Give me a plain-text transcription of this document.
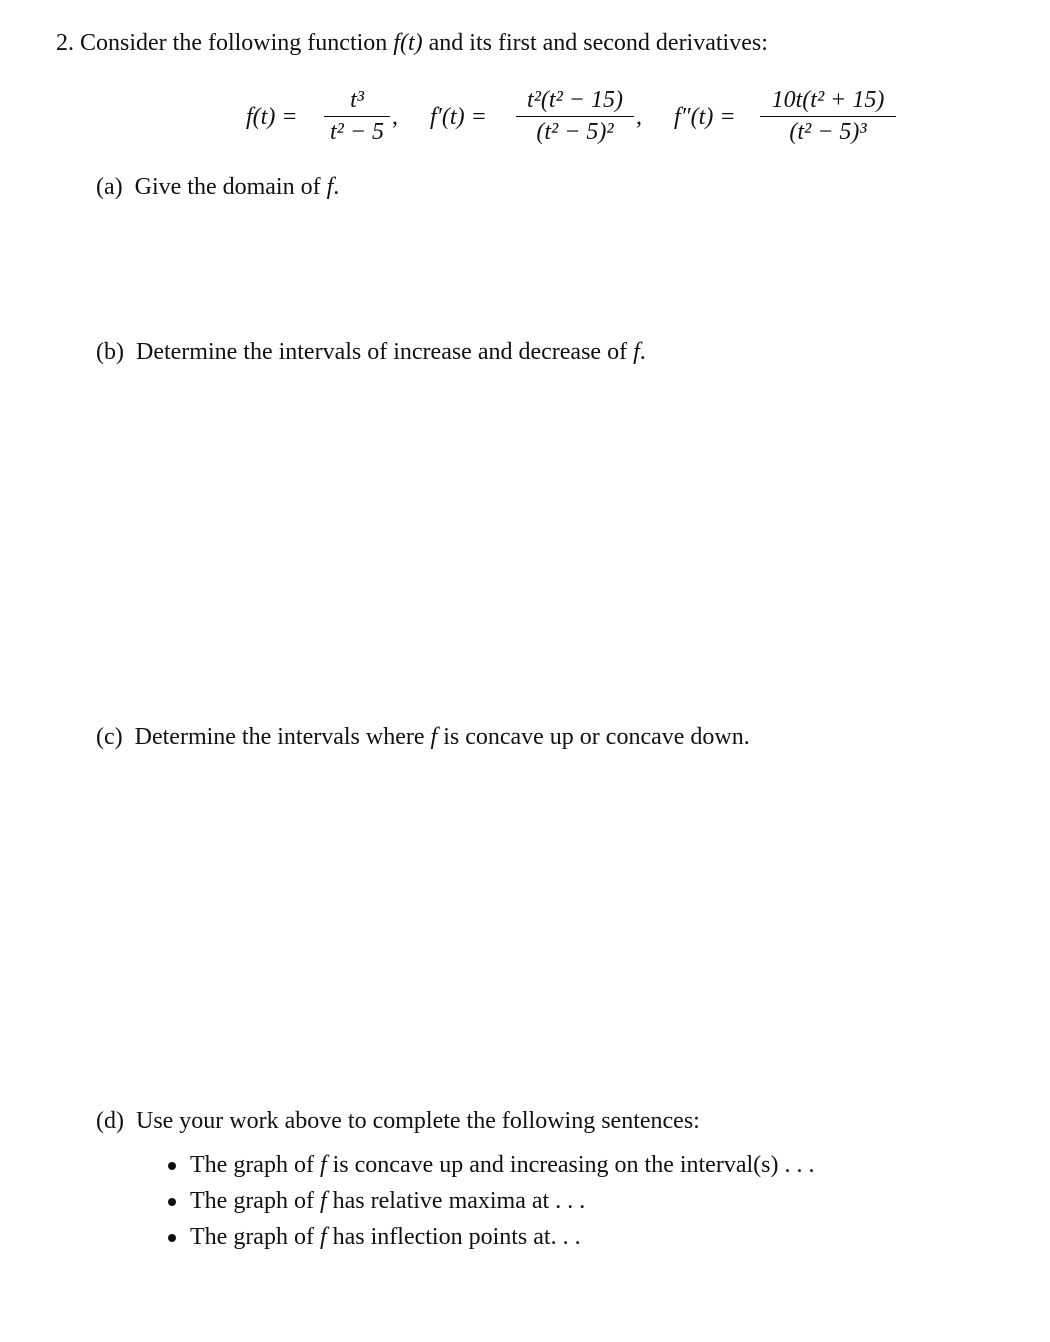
2. Consider the following function f(t) and its first and second derivatives:
f(t) =
t³
t² − 5
, f′(t) =
t²(t² − 15)
(t² − 5)²
, f″(t) =
10t(t² + 15)
(t² − 5)³
(a) Give the domain of f.
(b) Determine the intervals of increase and decrease of f.
(c) Determine the intervals where f is concave up or concave down.
(d) Use your work above to complete the following sentences:
The graph of f is concave up and increasing on the interval(s) . . .
The graph of f has relative maxima at . . .
The graph of f has inflection points at. . .
